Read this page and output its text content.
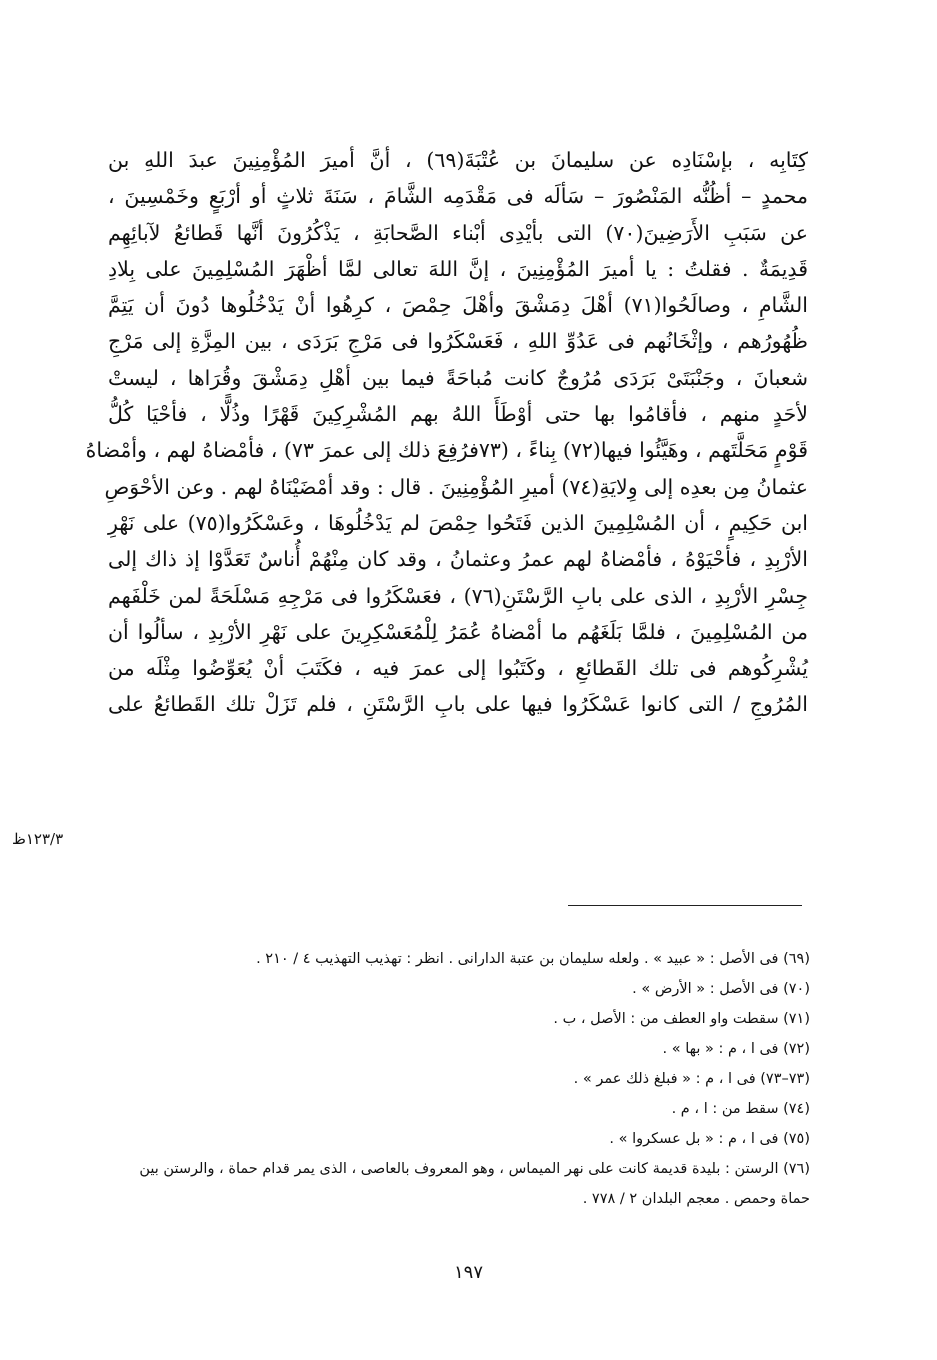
كِتَابِه ، بإسْنَادِه عن سليمانَ بن عُتْبَةَ(٦٩) ، أنَّ أميرَ المُؤْمِنِينَ عبدَ اللهِ بن
محمدٍ – أظُنُّه المَنْصُورَ – سَألَه فى مَقْدَمِه الشَّامَ ، سَنَةَ ثلاثٍ أو أرْبَعٍ وخَمْسِينَ ،
عن سَبَبِ الأَرَضِينَ(٧٠) التى بأيْدِى أبْناء الصَّحابَةِ ، يَذْكُرُونَ أنَّها قَطائعُ لآبائِهِم
قَدِيمَةٌ . فقلتُ : يا أميرَ المُؤْمِنِينَ ، إنَّ اللهَ تعالى لمَّا أظْهَرَ المُسْلِمِينَ على بِلادِ
الشَّامِ ، وصالَحُوا(٧١) أهْلَ دِمَشْقَ وأهْلَ حِمْصَ ، كرِهُوا أنْ يَدْخُلُوها دُونَ أن يَتِمَّ
ظُهُورُهم ، وإثْخَانُهم فى عَدُوِّ اللهِ ، فَعَسْكَرُوا فى مَرْجِ بَرَدَى ، بين المِزَّةِ إلى مَرْجِ
شعبانَ ، وجَنْبَتَىْ بَرَدَى مُرُوجٌ كانت مُباحَةً فيما بين أهْلِ دِمَشْقَ وقُرَاها ، ليستْ
لأحَدٍ منهم ، فأقامُوا بها حتى أوْطَأَ اللهُ بهم المُشْرِكِينَ قَهْرًا وذُلًّا ، فأحْيَا كُلُّ
قَوْمٍ مَحَلَّتَهم ، وهَيَّئُوا فيها(٧٢) بِناءً ، (٧٣فرُفِعَ ذلك إلى عمرَ ٧٣) ، فأمْضاهُ لهم ، وأمْضاهُ
عثمانُ مِن بعدِه إلى وِلايَةِ(٧٤) أميرِ المُؤْمِنِينَ . قال : وقد أمْضَيْنَاهُ لهم . وعن الأحْوَصِ
ابن حَكِيمٍ ، أن المُسْلِمِينَ الذين فَتَحُوا حِمْصَ لم يَدْخُلُوهَا ، وعَسْكَرُوا(٧٥) على نَهْرِ
الأرْبِدِ ، فأحْيَوْهُ ، فأمْضاهُ لهم عمرُ وعثمانُ ، وقد كان مِنْهُمْ أُناسٌ تَعَدَّوْا إذ ذاك إلى
جِسْرِ الأرْبِدِ ، الذى على بابِ الرَّسْتَنِ(٧٦) ، فعَسْكَرُوا فى مَرْجِهِ مَسْلَحَةً لمن خَلْفَهم
من المُسْلِمِينَ ، فلمَّا بَلَغَهُم ما أمْضاهُ عُمَرُ لِلْمُعَسْكِرِينَ على نَهْرِ الأرْبِدِ ، سألُوا أن
يُشْرِكُوهم فى تلك القَطائعِ ، وكَتَبُوا إلى عمرَ فيه ، فكَتَبَ أنْ يُعَوِّضُوا مِثْلَه من
المُرُوجِ / التى كانوا عَسْكَرُوا فيها على بابِ الرَّسْتَنِ ، فلم تَزَلْ تلك القَطائعُ على
١٢٣/٣ظ
(٦٩) فى الأصل : « عبيد » . ولعله سليمان بن عتبة الدارانى . انظر : تهذيب التهذيب ٤ / ٢١٠ .
(٧٠) فى الأصل : « الأرض » .
(٧١) سقطت واو العطف من : الأصل ، ب .
(٧٢) فى ا ، م : « بها » .
(٧٣–٧٣) فى ا ، م : « فبلغ ذلك عمر » .
(٧٤) سقط من : ا ، م .
(٧٥) فى ا ، م : « بل عسكروا » .
(٧٦) الرستن : بليدة قديمة كانت على نهر الميماس ، وهو المعروف بالعاصى ، الذى يمر قدام حماة ، والرستن بين
حماة وحمص . معجم البلدان ٢ / ٧٧٨ .
١٩٧
